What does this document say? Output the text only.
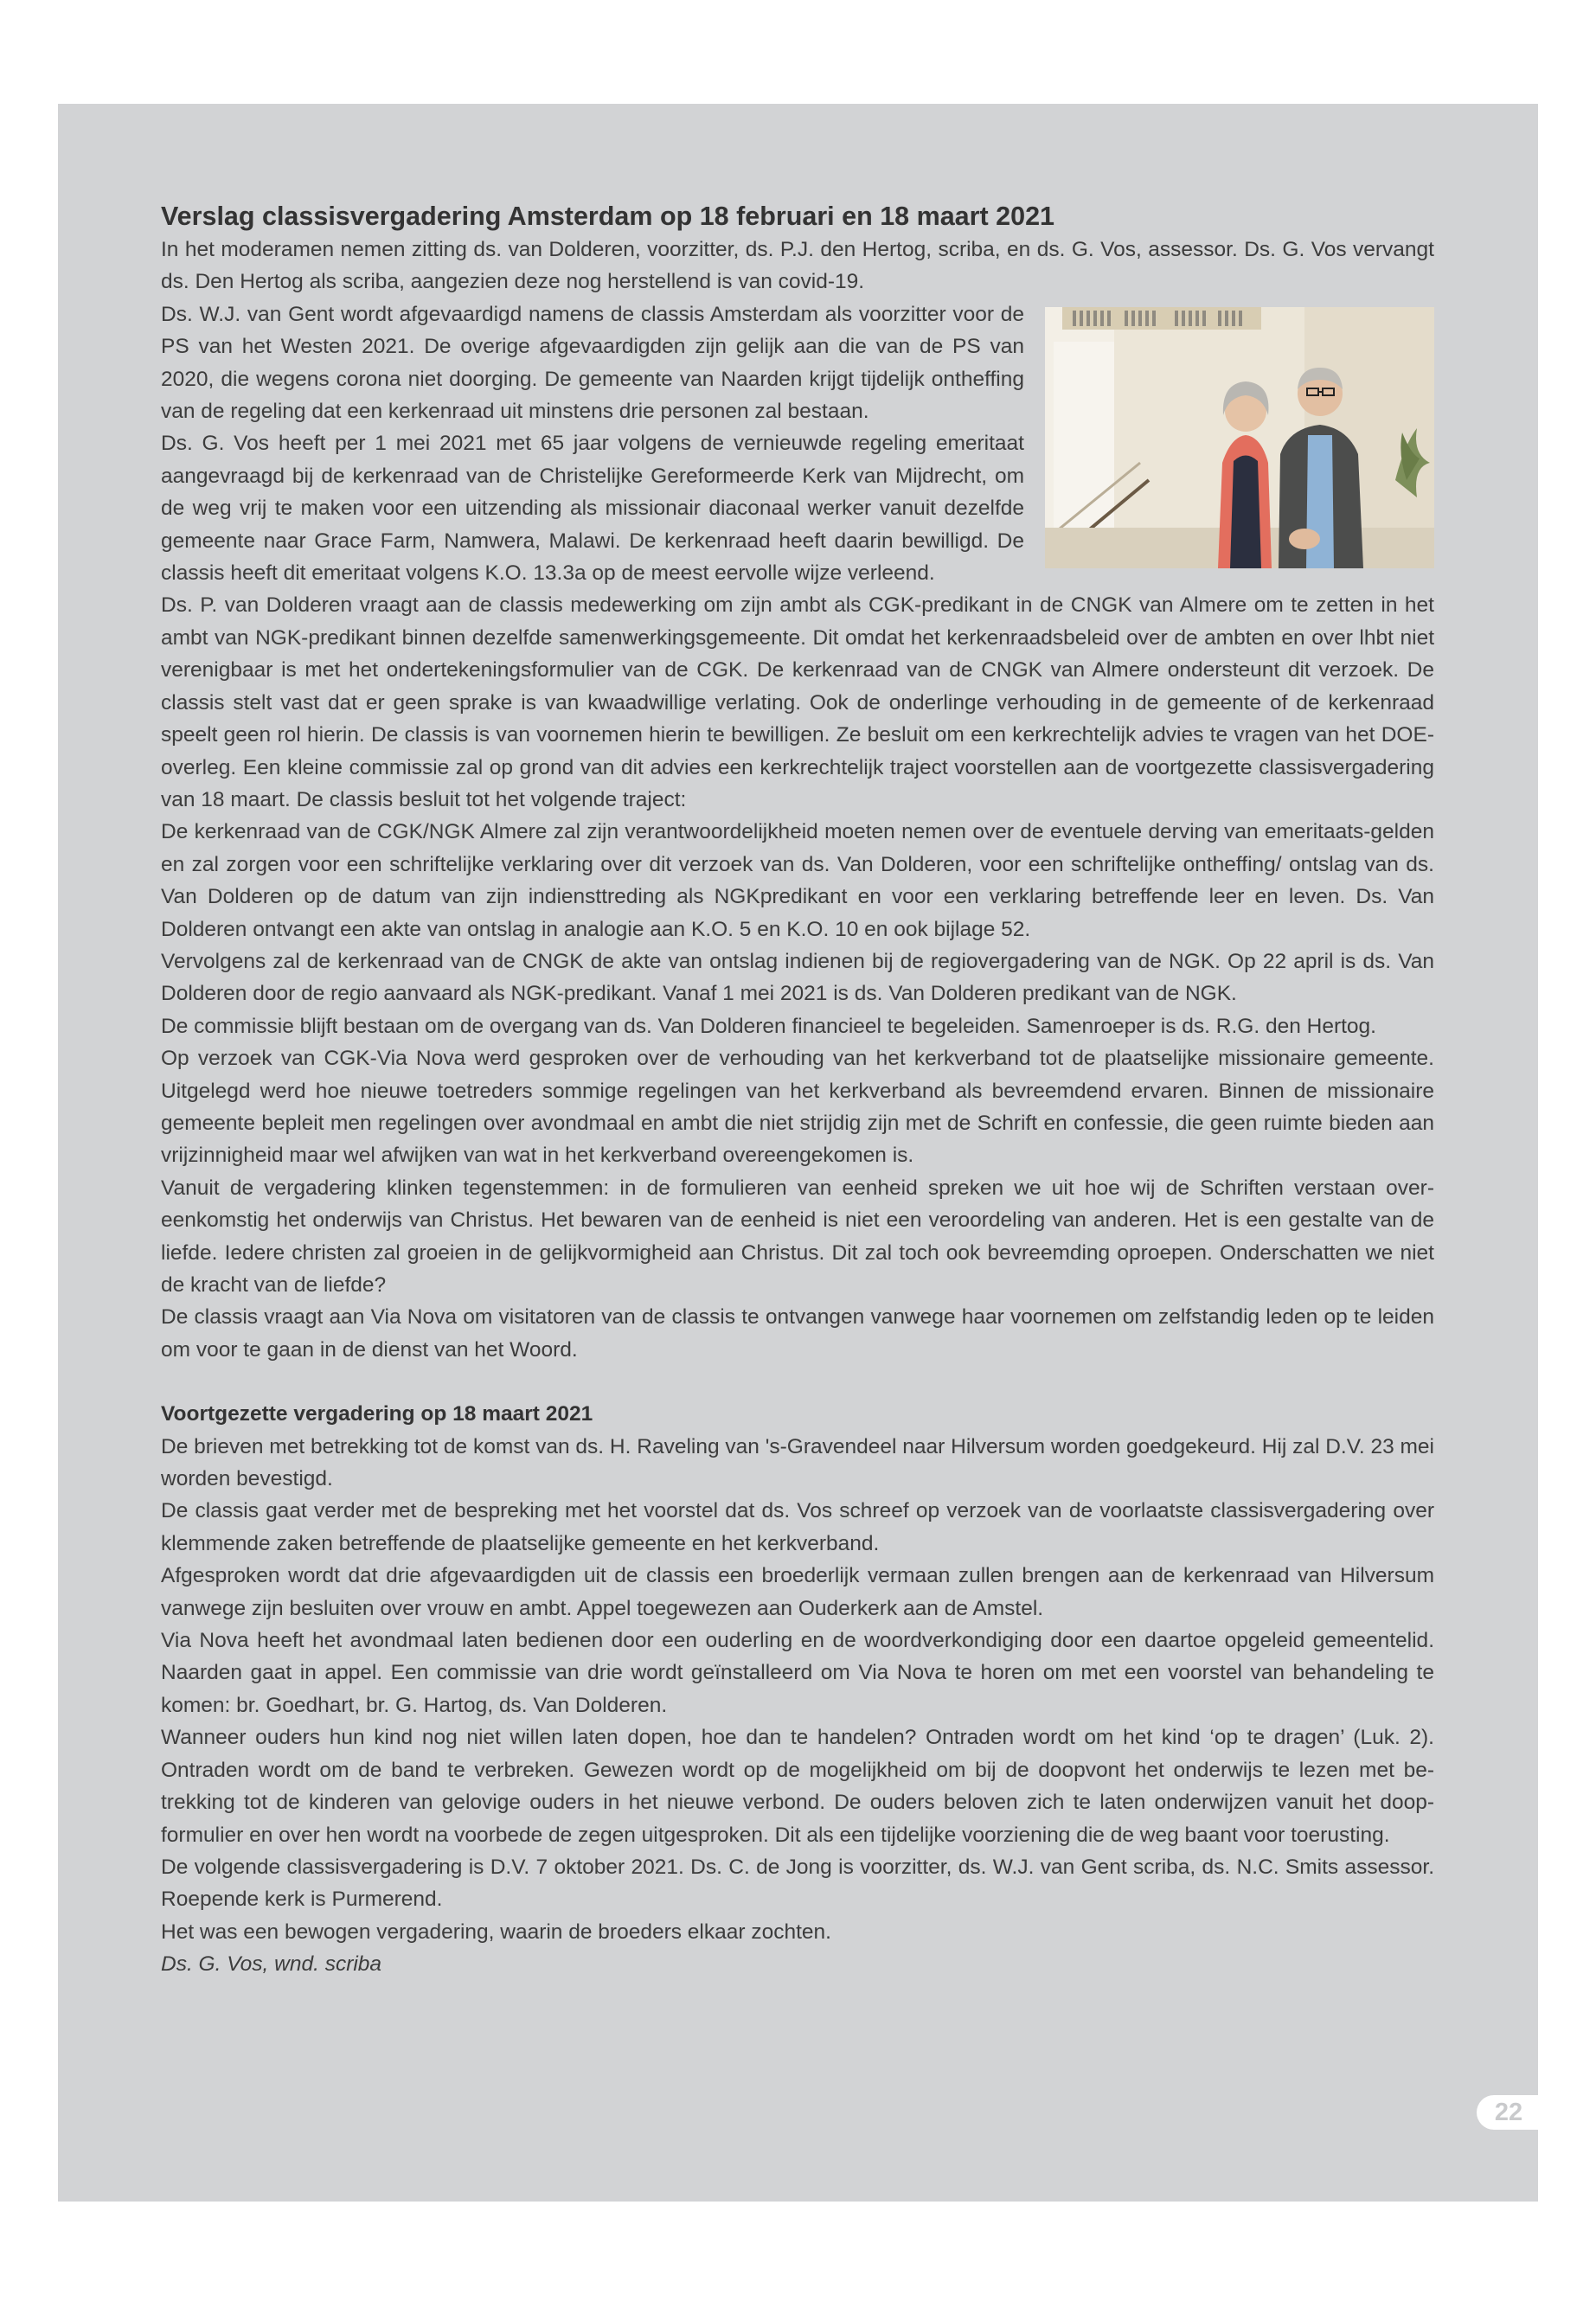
Verslag classisvergadering Amsterdam op 18 februari en 18 maart 2021

In het moderamen nemen zitting ds. van Dolderen, voorzitter, ds. P.J. den Hertog, scriba, en ds. G. Vos, assessor. Ds. G. Vos vervangt ds. Den Hertog als scriba, aangezien deze nog herstellend is van covid-19.

Ds. W.J. van Gent wordt afgevaardigd namens de classis Amsterdam als voorzitter voor de PS van het Westen 2021. De overige afgevaardigden zijn gelijk aan die van de PS van 2020, die wegens corona niet doorging. De gemeente van Naarden krijgt tijdelijk ontheffing van de regeling dat een kerkenraad uit minstens drie personen zal bestaan.

Ds. G. Vos heeft per 1 mei 2021 met 65 jaar volgens de vernieuwde regeling emeritaat aangevraagd bij de kerkenraad van de Christelijke Gereformeerde Kerk van Mijdrecht, om de weg vrij te maken voor een uitzending als missionair diaconaal werker vanuit dezelfde gemeente naar Grace Farm, Namwera, Malawi. De kerkenraad heeft daarin bewilligd. De classis heeft dit emeritaat volgens K.O. 13.3a op de meest eervolle wijze verleend.

Ds. P. van Dolderen vraagt aan de classis medewerking om zijn ambt als CGK-predikant in de CNGK van Almere om te zetten in het ambt van NGK-predikant binnen dezelfde samenwerkingsgemeente. Dit omdat het kerkenraadsbeleid over de ambten en over lhbt niet verenigbaar is met het ondertekeningsformulier van de CGK. De kerkenraad van de CNGK van Almere ondersteunt dit verzoek. De classis stelt vast dat er geen sprake is van kwaadwillige verlating. Ook de onderlinge verhouding in de gemeente of de kerkenraad speelt geen rol hierin. De classis is van voornemen hierin te bewilligen. Ze besluit om een kerkrechtelijk advies te vragen van het DOE-overleg. Een kleine commissie zal op grond van dit advies een kerkrechtelijk traject voorstellen aan de voortgezette classisvergadering van 18 maart. De classis besluit tot het volgende traject:

De kerkenraad van de CGK/NGK Almere zal zijn verantwoordelijkheid moeten nemen over de eventuele derving van emeritaats-gelden en zal zorgen voor een schriftelijke verklaring over dit verzoek van ds. Van Dolderen, voor een schriftelijke ontheffing/ ontslag van ds. Van Dolderen op de datum van zijn indiensttreding als NGKpredikant en voor een verklaring betreffende leer en leven. Ds. Van Dolderen ontvangt een akte van ontslag in analogie aan K.O. 5 en K.O. 10 en ook bijlage 52.

Vervolgens zal de kerkenraad van de CNGK de akte van ontslag indienen bij de regiovergadering van de NGK. Op 22 april is ds. Van Dolderen door de regio aanvaard als NGK-predikant. Vanaf 1 mei 2021 is ds. Van Dolderen predikant van de NGK.

De commissie blijft bestaan om de overgang van ds. Van Dolderen financieel te begeleiden. Samenroeper is ds. R.G. den Hertog.

Op verzoek van CGK-Via Nova werd gesproken over de verhouding van het kerkverband tot de plaatselijke missionaire gemeente. Uitgelegd werd hoe nieuwe toetreders sommige regelingen van het kerkverband als bevreemdend ervaren. Binnen de missionaire gemeente bepleit men regelingen over avondmaal en ambt die niet strijdig zijn met de Schrift en confessie, die geen ruimte bieden aan vrijzinnigheid maar wel afwijken van wat in het kerkverband overeengekomen is.

Vanuit de vergadering klinken tegenstemmen: in de formulieren van eenheid spreken we uit hoe wij de Schriften verstaan over-eenkomstig het onderwijs van Christus. Het bewaren van de eenheid is niet een veroordeling van anderen. Het is een gestalte van de liefde. Iedere christen zal groeien in de gelijkvormigheid aan Christus. Dit zal toch ook bevreemding oproepen. Onderschatten we niet de kracht van de liefde?

De classis vraagt aan Via Nova om visitatoren van de classis te ontvangen vanwege haar voornemen om zelfstandig leden op te leiden om voor te gaan in de dienst van het Woord.

Voortgezette vergadering op 18 maart 2021

De brieven met betrekking tot de komst van ds. H. Raveling van 's-Gravendeel naar Hilversum worden goedgekeurd. Hij zal D.V. 23 mei worden bevestigd.

De classis gaat verder met de bespreking met het voorstel dat ds. Vos schreef op verzoek van de voorlaatste classisvergadering over klemmende zaken betreffende de plaatselijke gemeente en het kerkverband.

Afgesproken wordt dat drie afgevaardigden uit de classis een broederlijk vermaan zullen brengen aan de kerkenraad van Hilversum vanwege zijn besluiten over vrouw en ambt. Appel toegewezen aan Ouderkerk aan de Amstel.

Via Nova heeft het avondmaal laten bedienen door een ouderling en de woordverkondiging door een daartoe opgeleid gemeentelid. Naarden gaat in appel. Een commissie van drie wordt geïnstalleerd om Via Nova te horen om met een voorstel van behandeling te komen: br. Goedhart, br. G. Hartog, ds. Van Dolderen.

Wanneer ouders hun kind nog niet willen laten dopen, hoe dan te handelen? Ontraden wordt om het kind ‘op te dragen’ (Luk. 2). Ontraden wordt om de band te verbreken. Gewezen wordt op de mogelijkheid om bij de doopvont het onderwijs te lezen met be-trekking tot de kinderen van gelovige ouders in het nieuwe verbond. De ouders beloven zich te laten onderwijzen vanuit het doop-formulier en over hen wordt na voorbede de zegen uitgesproken. Dit als een tijdelijke voorziening die de weg baant voor toerusting.

De volgende classisvergadering is D.V. 7 oktober 2021. Ds. C. de Jong is voorzitter, ds. W.J. van Gent scriba, ds. N.C. Smits assessor. Roepende kerk is Purmerend.

Het was een bewogen vergadering, waarin de broeders elkaar zochten.

Ds. G. Vos, wnd. scriba

22
